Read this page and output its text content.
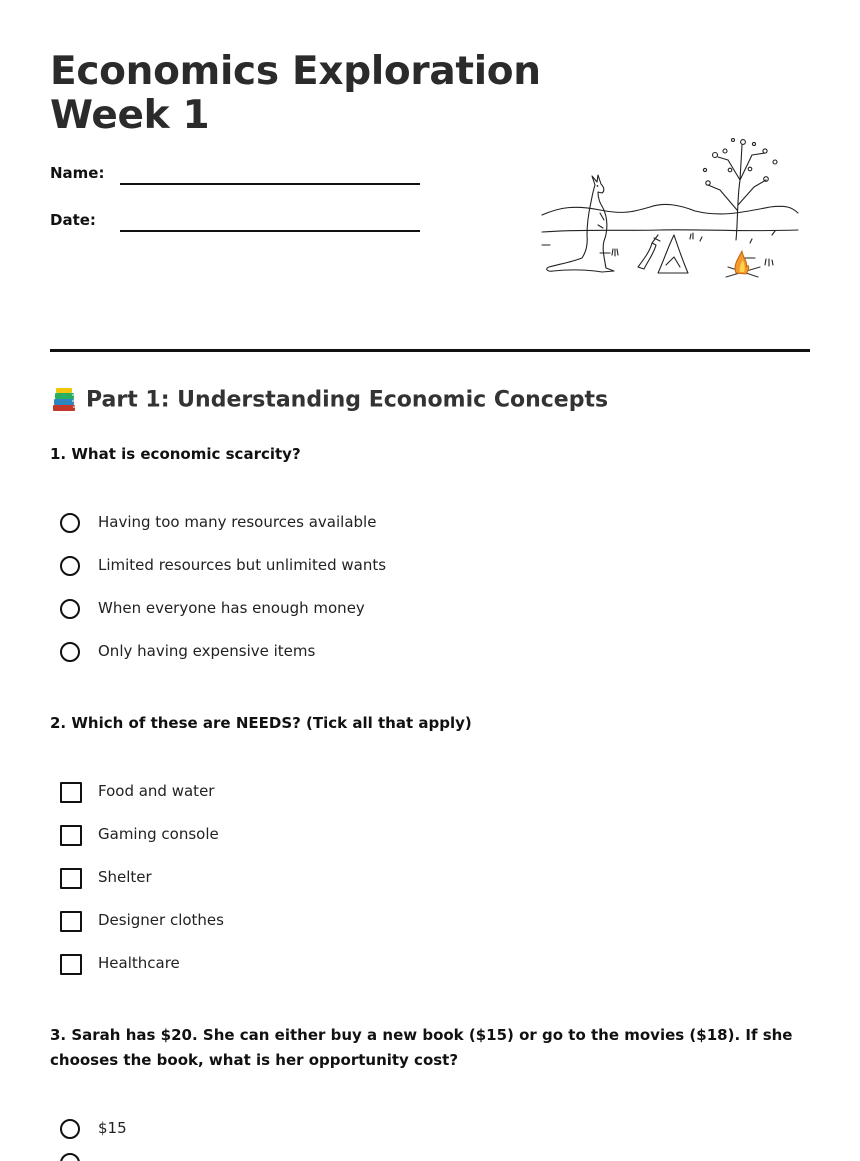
Economics Exploration
Week 1
Name:
Date:
Part 1: Understanding Economic Concepts
1. What is economic scarcity?
Having too many resources available
Limited resources but unlimited wants
When everyone has enough money
Only having expensive items
2. Which of these are NEEDS? (Tick all that apply)
Food and water
Gaming console
Shelter
Designer clothes
Healthcare
3. Sarah has $20. She can either buy a new book ($15) or go to the movies ($18). If she chooses the book, what is her opportunity cost?
$15
